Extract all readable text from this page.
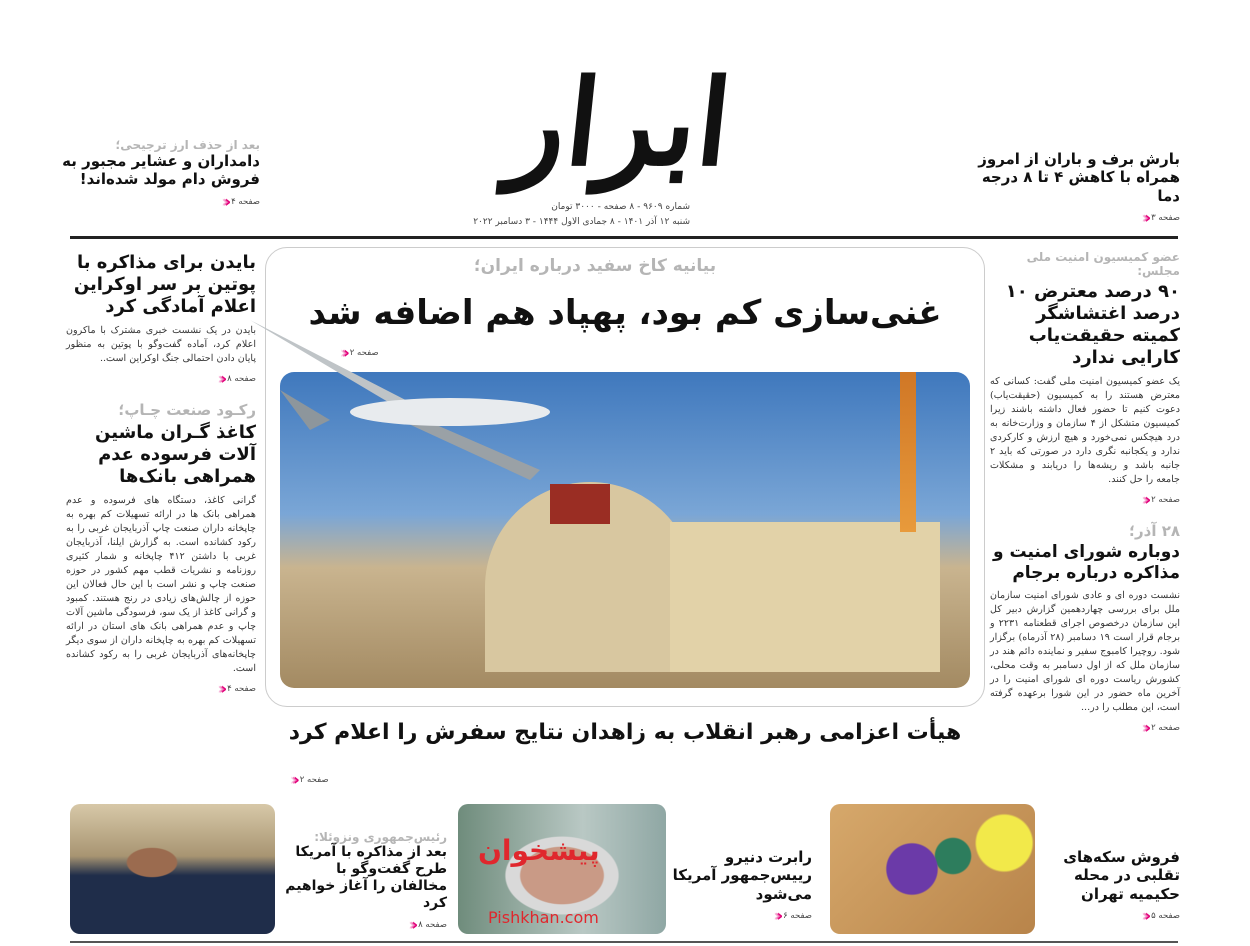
ابرار
شماره ۹۶۰۹ - ۸ صفحه - ۳۰۰۰ تومان
شنبه ۱۲ آذر ۱۴۰۱ - ۸ جمادی الاول ۱۴۴۴ - ۳ دسامبر ۲۰۲۲
بارش برف و باران از امروز همراه با کاهش ۴ تا ۸ درجه دما
صفحه ۳
‹‹‹
بعد از حذف ارز ترجیحی؛
دامداران و عشایر مجبور به فروش دام مولد شده‌اند!
صفحه ۴
‹‹‹
عضو کمیسیون امنیت ملی مجلس:
۹۰ درصد معترض ۱۰ درصد اغتشاشگر کمیته حقیقت‌یاب کارایی ندارد
یک عضو کمیسیون امنیت ملی گفت: کسانی که معترض هستند را به کمیسیون (حقیقت‌یاب) دعوت کنیم تا حضور فعال داشته باشند زیرا کمیسیون متشکل از ۴ سازمان و وزارت‌خانه به درد هیچکس نمی‌خورد و هیچ ارزش و کارکردی ندارد و یکجانبه نگری دارد در صورتی که باید ۲ جانبه باشد و ریشه‌ها را دریابند و مشکلات جامعه را حل کنند.
صفحه ۲
‹‹‹
۲۸ آذر؛
دوباره شورای امنیت و مذاکره درباره برجام
نشست دوره ای و عادی شورای امنیت سازمان ملل برای بررسی چهاردهمین گزارش دبیر کل این سازمان درخصوص اجرای قطعنامه ۲۲۳۱ و برجام قرار است ۱۹ دسامبر (۲۸ آذرماه) برگزار شود. روچیرا کامبوج سفیر و نماینده دائم هند در سازمان ملل که از اول دسامبر به وقت محلی، کشورش ریاست دوره ای شورای امنیت را در آخرین ماه حضور در این شورا برعهده گرفته است، این مطلب را در...
صفحه ۲
‹‹‹
بایدن برای مذاکره با پوتین بر سر اوکراین اعلام آمادگی کرد
بایدن در یک نشست خبری مشترک با ماکرون اعلام کرد، آماده گفت‌وگو با پوتین به منظور پایان دادن احتمالی جنگ اوکراین است..
صفحه ۸
‹‹‹
رکـود صنعت چـاپ؛
کاغذ گـران ماشین آلات فرسوده عدم همراهی بانک‌ها
گرانی کاغذ، دستگاه های فرسوده و عدم همراهی بانک ها در ارائه تسهیلات کم بهره به چاپخانه داران صنعت چاپ آذربایجان غربی را به رکود کشانده است. به گزارش ایلنا، آذربایجان غربی با داشتن ۴۱۲ چاپخانه و شمار کثیری روزنامه و نشریات قطب مهم کشور در حوزه صنعت چاپ و نشر است با این حال فعالان این حوزه از چالش‌های زیادی در رنج هستند. کمبود و گرانی کاغذ از یک سو، فرسودگی ماشین آلات چاپ و عدم همراهی بانک های استان در ارائه تسهیلات کم بهره به چاپخانه داران از سوی دیگر چاپخانه‌های آذربایجان غربی را به رکود کشانده است.
صفحه ۴
‹‹‹
بیانیه کاخ سفید درباره ایران؛
غنی‌سازی کم بود، پهپاد هم اضافه شد
››› صفحه ۲
هیأت اعزامی رهبر انقلاب به زاهدان نتایج سفرش را اعلام کرد
››› صفحه ۲
فروش سکه‌های تقلبی در محله حکیمیه تهران
صفحه ۵
‹‹‹
پیشخوان
Pishkhan.com
رابرت دنیرو رییس‌جمهور آمریکا می‌شود
صفحه ۶
‹‹‹
رئیس‌جمهوری ونزوئلا:
بعد از مذاکره با آمریکا طرح گفت‌وگو با مخالفان را آغاز خواهیم کرد
صفحه ۸
‹‹‹
